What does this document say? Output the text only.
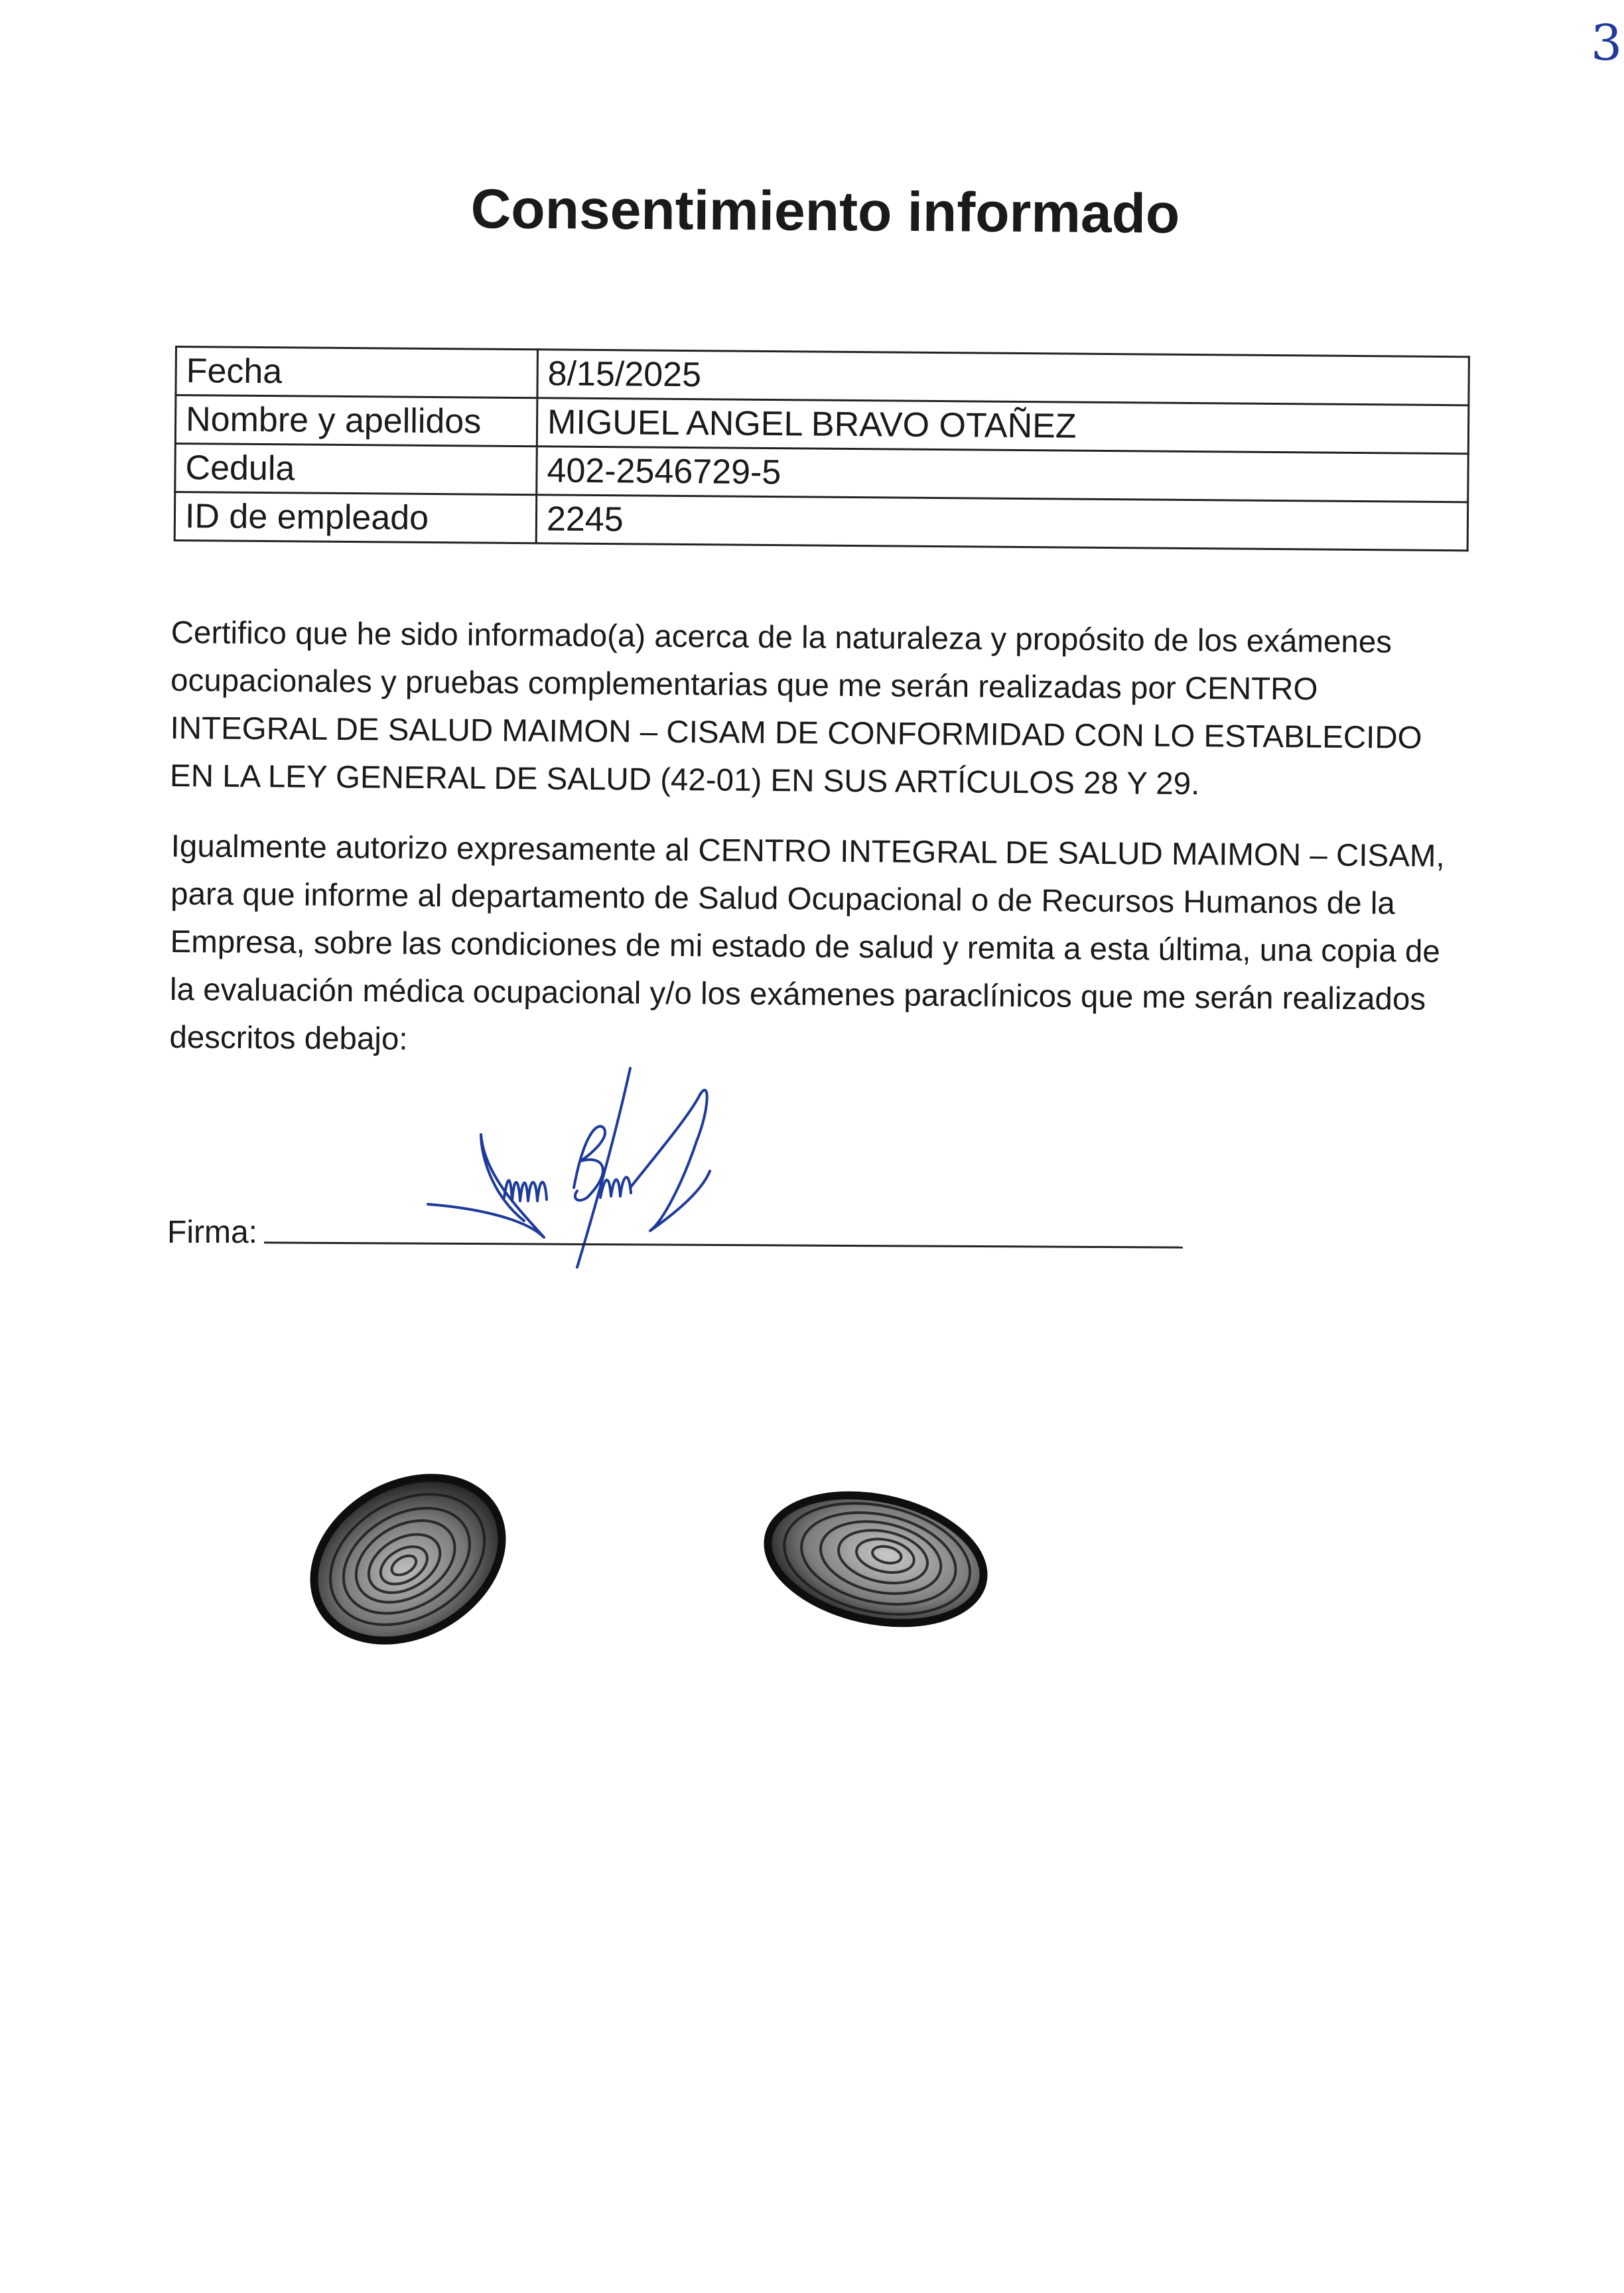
3
Consentimiento informado
Fecha	8/15/2025
Nombre y apellidos	MIGUEL ANGEL BRAVO OTAÑEZ
Cedula	402-2546729-5
ID de empleado	2245
Certifico que he sido informado(a) acerca de la naturaleza y propósito de los exámenes ocupacionales y pruebas complementarias que me serán realizadas por CENTRO INTEGRAL DE SALUD MAIMON – CISAM DE CONFORMIDAD CON LO ESTABLECIDO EN LA LEY GENERAL DE SALUD (42-01) EN SUS ARTÍCULOS 28 Y 29.
Igualmente autorizo expresamente al CENTRO INTEGRAL DE SALUD MAIMON – CISAM, para que informe al departamento de Salud Ocupacional o de Recursos Humanos de la Empresa, sobre las condiciones de mi estado de salud y remita a esta última, una copia de la evaluación médica ocupacional y/o los exámenes paraclínicos que me serán realizados descritos debajo:
Firma:
